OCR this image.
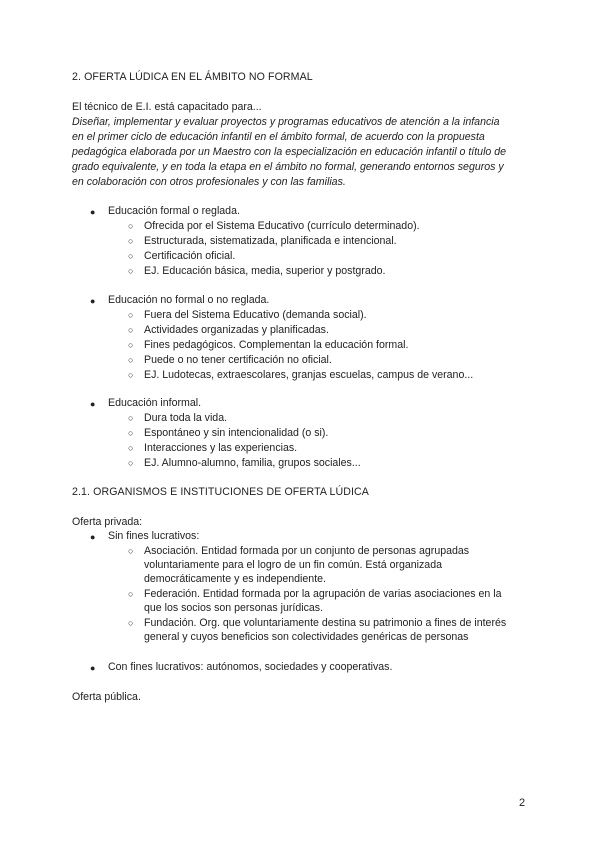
2. OFERTA LÚDICA EN EL ÁMBITO NO FORMAL
El técnico de E.I. está capacitado para...
Diseñar, implementar y evaluar proyectos y programas educativos de atención a la infancia
en el primer ciclo de educación infantil en el ámbito formal, de acuerdo con la propuesta
pedagógica elaborada por un Maestro con la especialización en educación infantil o título de
grado equivalente, y en toda la etapa en el ámbito no formal, generando entornos seguros y
en colaboración con otros profesionales y con las familias.
● Educación formal o reglada.
○ Ofrecida por el Sistema Educativo (currículo determinado).
○ Estructurada, sistematizada, planificada e intencional.
○ Certificación oficial.
○ EJ. Educación básica, media, superior y postgrado.
● Educación no formal o no reglada.
○ Fuera del Sistema Educativo (demanda social).
○ Actividades organizadas y planificadas.
○ Fines pedagógicos. Complementan la educación formal.
○ Puede o no tener certificación no oficial.
○ EJ. Ludotecas, extraescolares, granjas escuelas, campus de verano...
● Educación informal.
○ Dura toda la vida.
○ Espontáneo y sin intencionalidad (o si).
○ Interacciones y las experiencias.
○ EJ. Alumno-alumno, familia, grupos sociales...
2.1. ORGANISMOS E INSTITUCIONES DE OFERTA LÚDICA
Oferta privada:
● Sin fines lucrativos:
○ Asociación. Entidad formada por un conjunto de personas agrupadas
voluntariamente para el logro de un fin común. Está organizada
democráticamente y es independiente.
○ Federación. Entidad formada por la agrupación de varias asociaciones en la
que los socios son personas jurídicas.
○ Fundación. Org. que voluntariamente destina su patrimonio a fines de interés
general y cuyos beneficios son colectividades genéricas de personas
● Con fines lucrativos: autónomos, sociedades y cooperativas.
Oferta pública.
2
